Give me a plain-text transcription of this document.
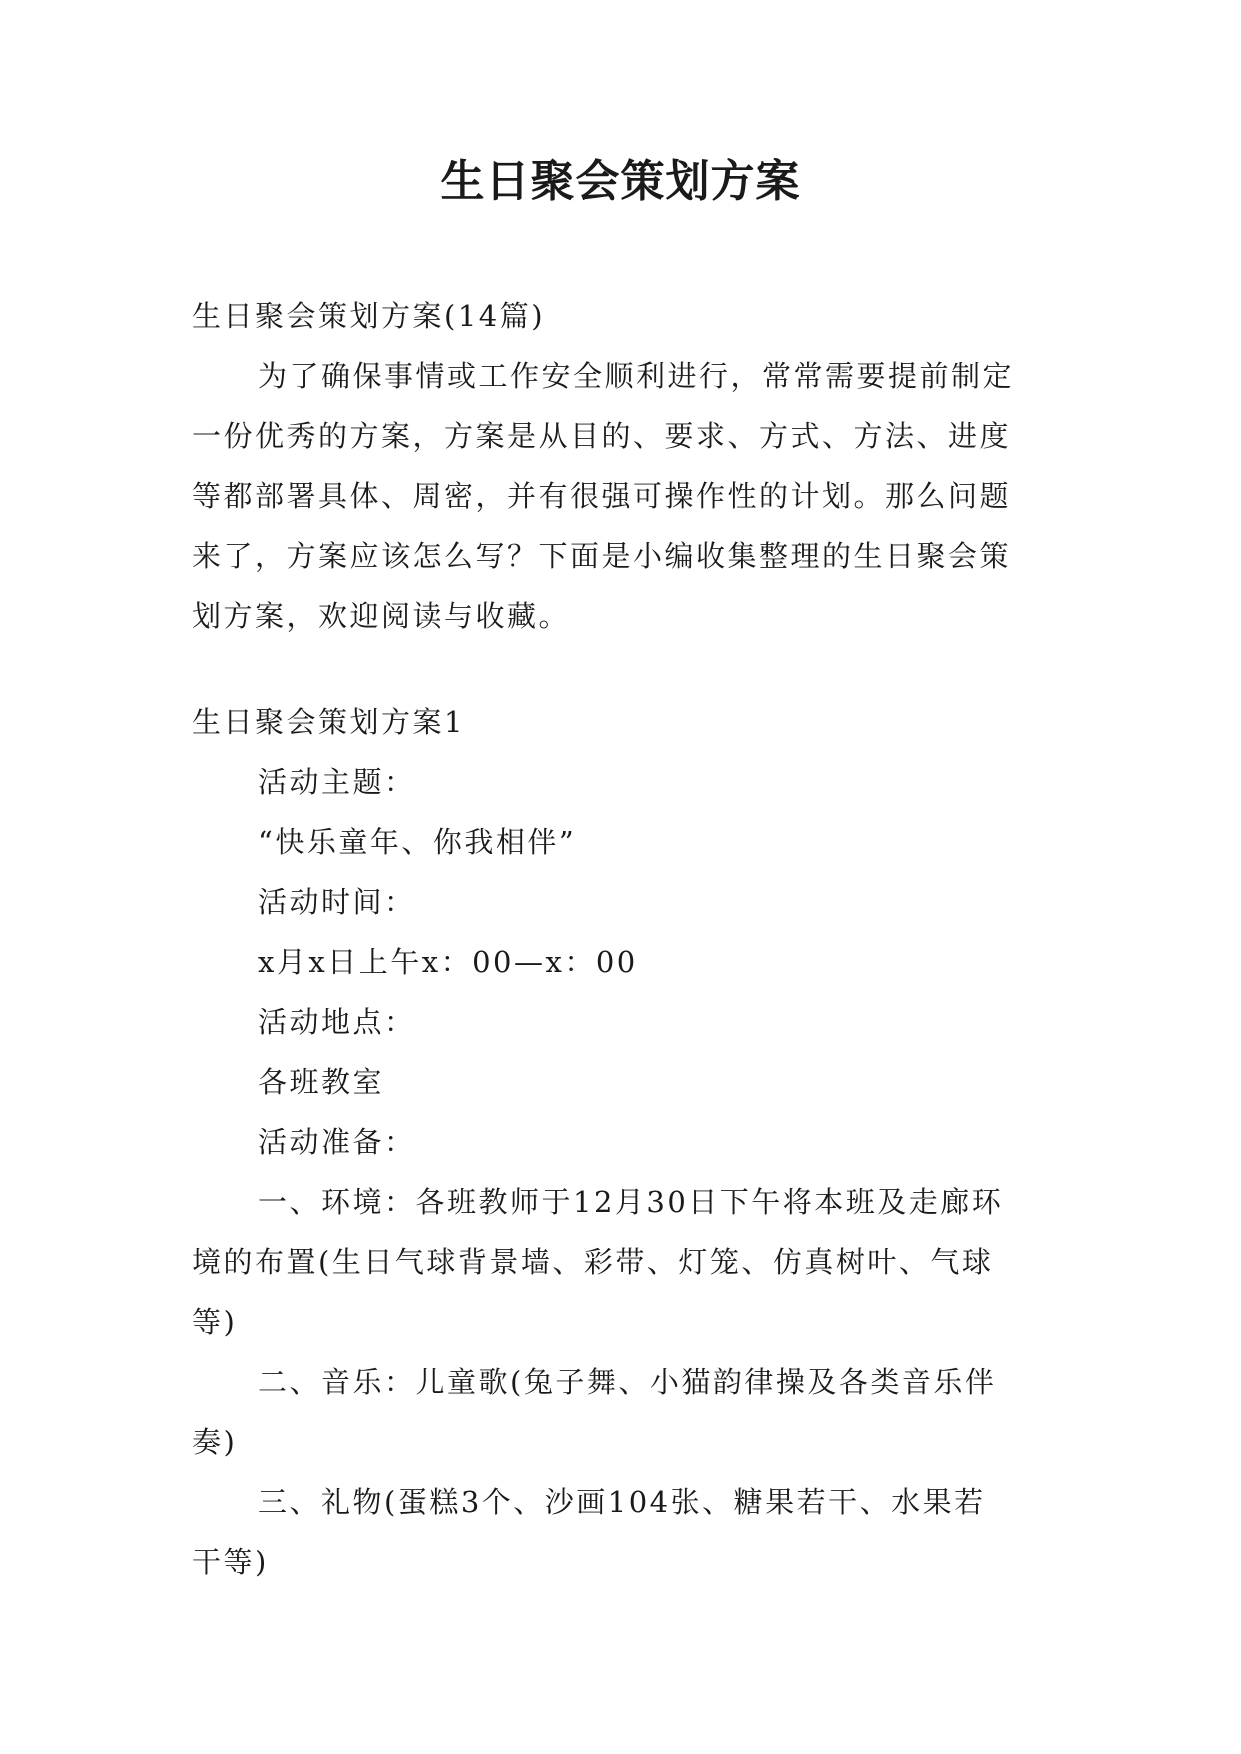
生日聚会策划方案

生日聚会策划方案(14篇)

为了确保事情或工作安全顺利进行，常常需要提前制定

一份优秀的方案，方案是从目的、要求、方式、方法、进度

等都部署具体、周密，并有很强可操作性的计划。那么问题

来了，方案应该怎么写？下面是小编收集整理的生日聚会策

划方案，欢迎阅读与收藏。

生日聚会策划方案1

活动主题：

“快乐童年、你我相伴”

活动时间：

x月x日上午x：00—x：00

活动地点：

各班教室

活动准备：

一、环境：各班教师于12月30日下午将本班及走廊环

境的布置(生日气球背景墙、彩带、灯笼、仿真树叶、气球

等)

二、音乐：儿童歌(兔子舞、小猫韵律操及各类音乐伴

奏)

三、礼物(蛋糕3个、沙画104张、糖果若干、水果若

干等)
